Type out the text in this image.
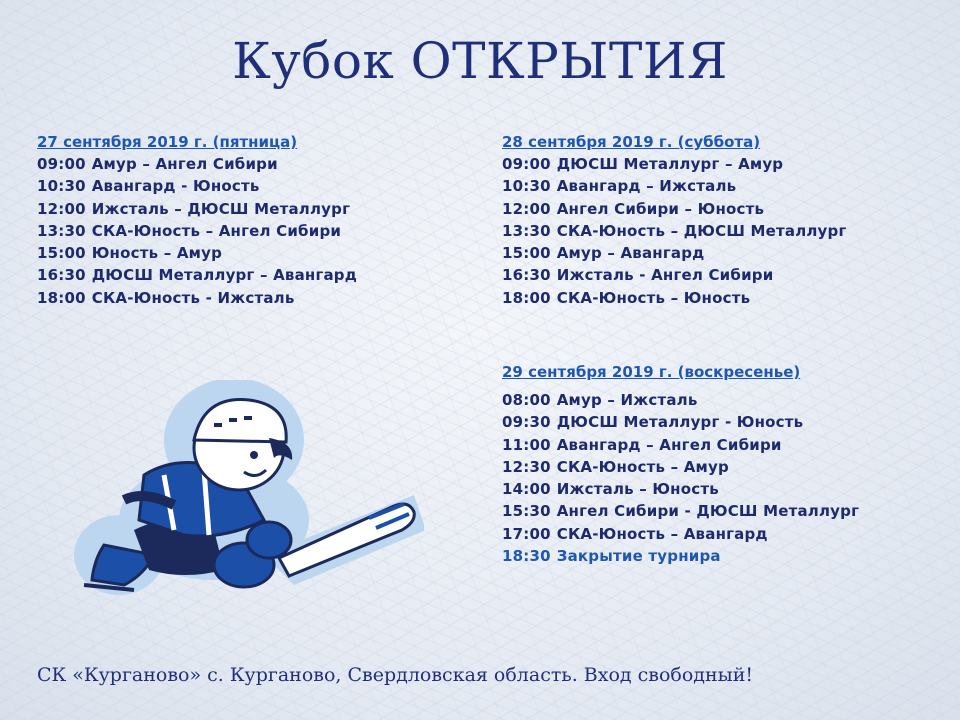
Кубок ОТКРЫТИЯ
27 сентября 2019 г. (пятница)
09:00 Амур – Ангел Сибири
10:30 Авангард - Юность
12:00 Ижсталь – ДЮСШ Металлург
13:30 СКА-Юность – Ангел Сибири
15:00 Юность – Амур
16:30 ДЮСШ Металлург – Авангард
18:00 СКА-Юность - Ижсталь
28 сентября 2019 г. (суббота)
09:00 ДЮСШ Металлург – Амур
10:30 Авангард – Ижсталь
12:00 Ангел Сибири – Юность
13:30 СКА-Юность – ДЮСШ Металлург
15:00 Амур – Авангард
16:30 Ижсталь - Ангел Сибири
18:00 СКА-Юность – Юность
29 сентября 2019 г. (воскресенье)
08:00 Амур – Ижсталь
09:30 ДЮСШ Металлург - Юность
11:00 Авангард – Ангел Сибири
12:30 СКА-Юность – Амур
14:00 Ижсталь – Юность
15:30 Ангел Сибири - ДЮСШ Металлург
17:00 СКА-Юность – Авангард
18:30 Закрытие турнира
СК «Курганово» с. Курганово, Свердловская область. Вход свободный!
